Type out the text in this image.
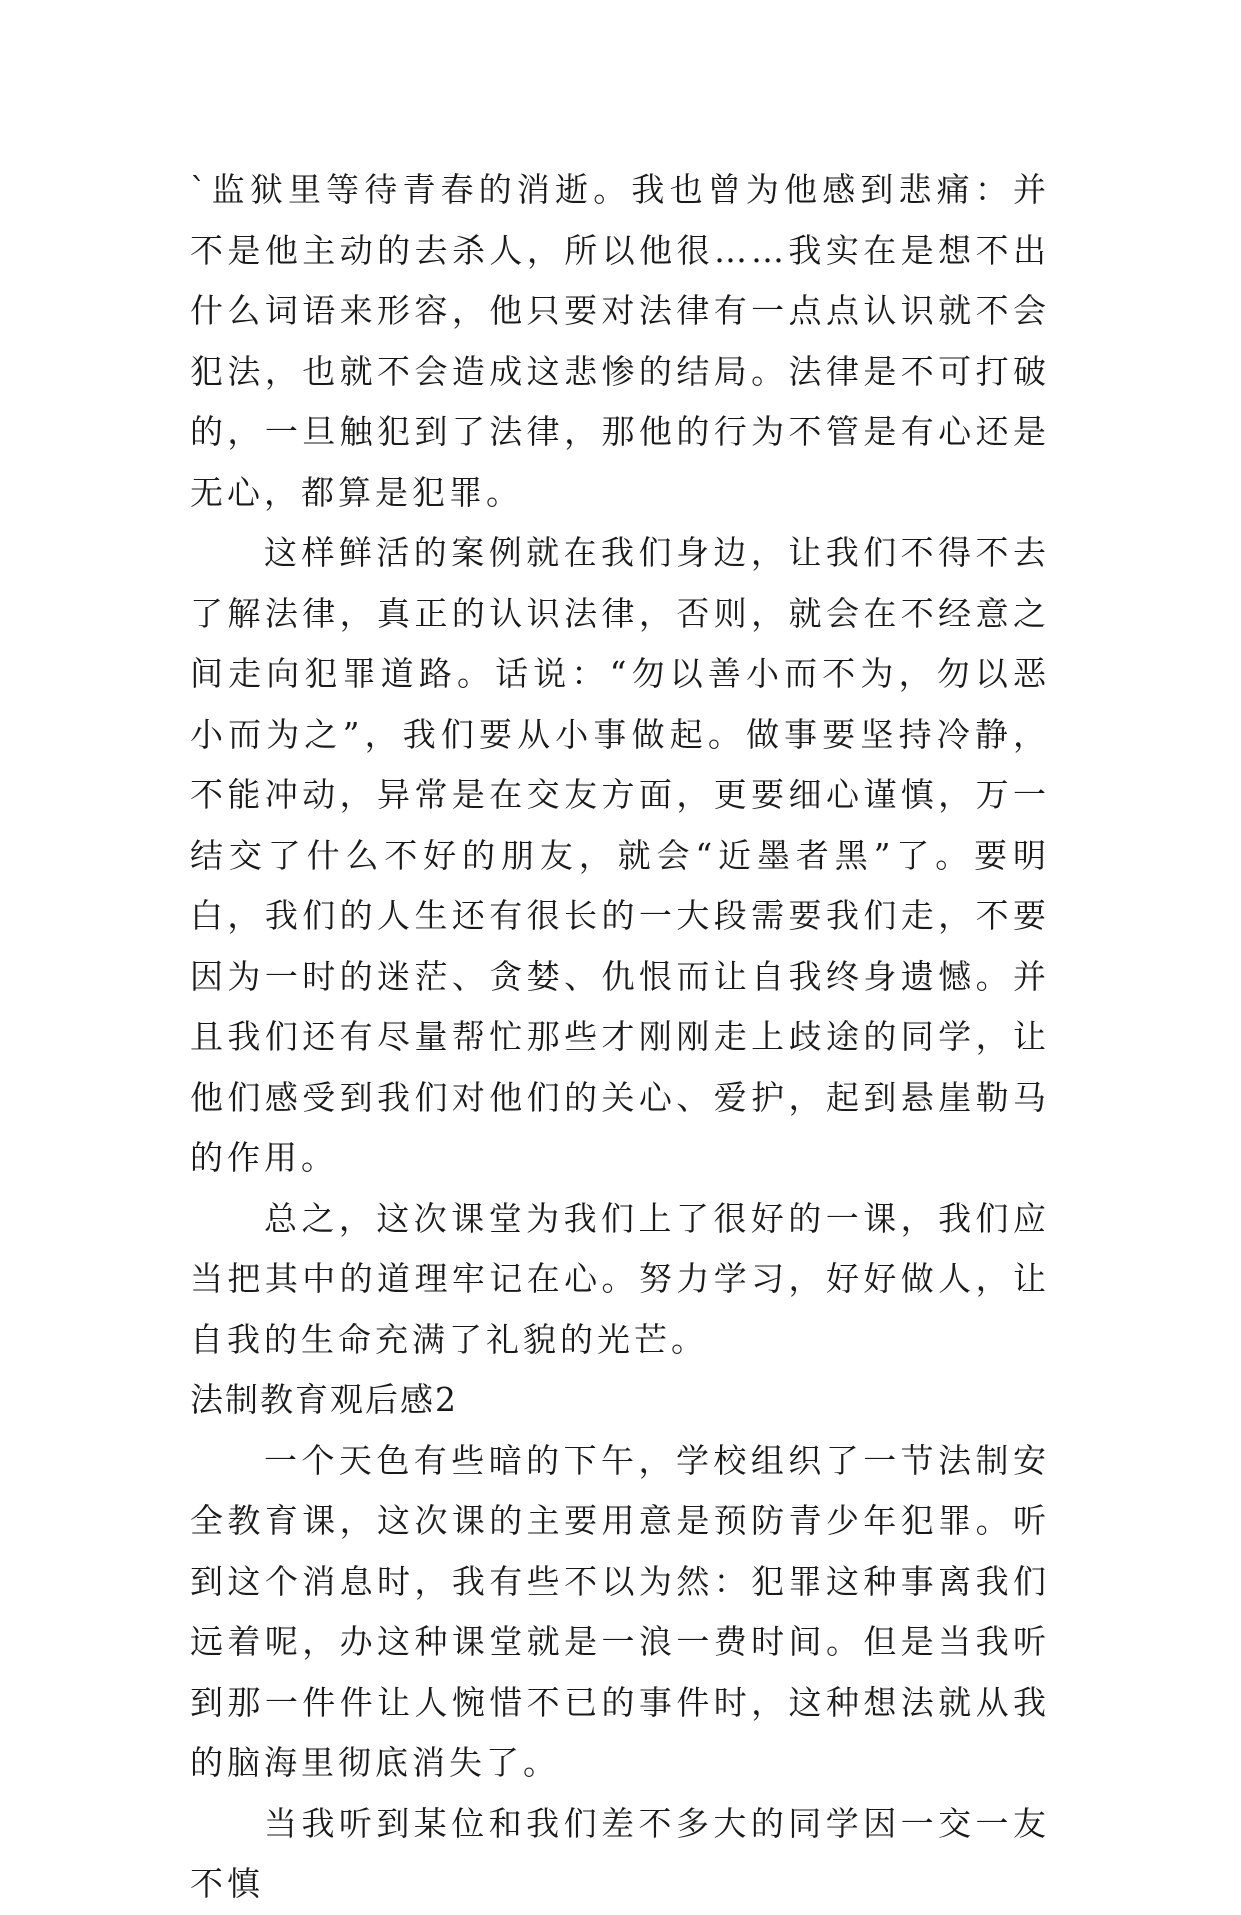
`监狱里等待青春的消逝。我也曾为他感到悲痛：并不是他主动的去杀人，所以他很……我实在是想不出什么词语来形容，他只要对法律有一点点认识就不会犯法，也就不会造成这悲惨的结局。法律是不可打破的，一旦触犯到了法律，那他的行为不管是有心还是无心，都算是犯罪。

这样鲜活的案例就在我们身边，让我们不得不去了解法律，真正的认识法律，否则，就会在不经意之间走向犯罪道路。话说：“勿以善小而不为，勿以恶小而为之”，我们要从小事做起。做事要坚持冷静，不能冲动，异常是在交友方面，更要细心谨慎，万一结交了什么不好的朋友，就会“近墨者黑”了。要明白，我们的人生还有很长的一大段需要我们走，不要因为一时的迷茫、贪婪、仇恨而让自我终身遗憾。并且我们还有尽量帮忙那些才刚刚走上歧途的同学，让他们感受到我们对他们的关心、爱护，起到悬崖勒马的作用。

总之，这次课堂为我们上了很好的一课，我们应当把其中的道理牢记在心。努力学习，好好做人，让自我的生命充满了礼貌的光芒。

法制教育观后感2

一个天色有些暗的下午，学校组织了一节法制安全教育课，这次课的主要用意是预防青少年犯罪。听到这个消息时，我有些不以为然：犯罪这种事离我们远着呢，办这种课堂就是一浪一费时间。但是当我听到那一件件让人惋惜不已的事件时，这种想法就从我的脑海里彻底消失了。

当我听到某位和我们差不多大的同学因一交一友不慎
